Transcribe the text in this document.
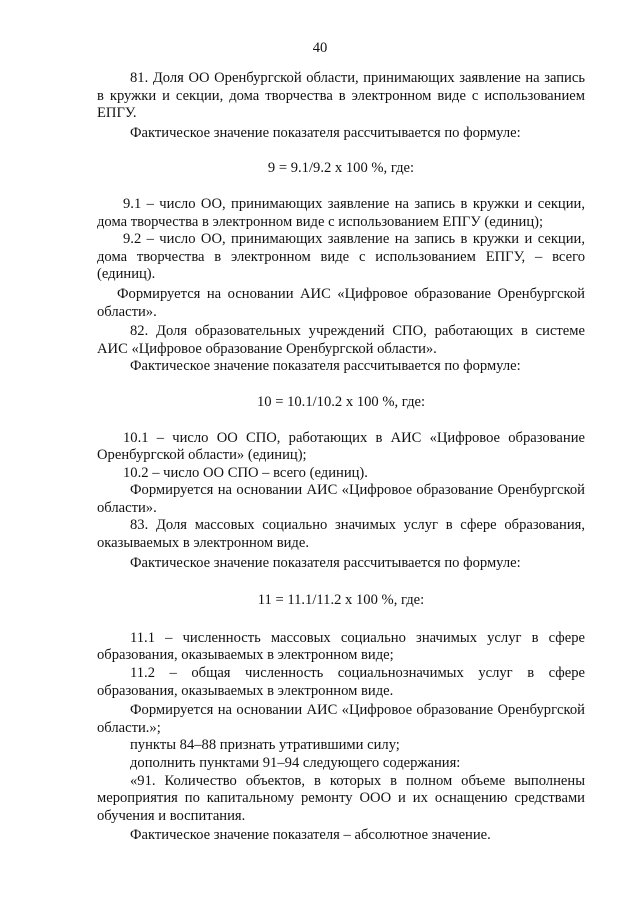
40

81. Доля ОО Оренбургской области, принимающих заявление на запись в кружки и секции, дома творчества в электронном виде с использованием ЕПГУ.

Фактическое значение показателя рассчитывается по формуле:

9 = 9.1/9.2 х 100 %, где:

9.1 – число ОО, принимающих заявление на запись в кружки и секции, дома творчества в электронном виде с использованием ЕПГУ (единиц);

9.2 – число ОО, принимающих заявление на запись в кружки и секции, дома творчества в электронном виде с использованием ЕПГУ, – всего (единиц).

Формируется на основании АИС «Цифровое образование Оренбургской области».

82. Доля образовательных учреждений СПО, работающих в системе АИС «Цифровое образование Оренбургской области».

Фактическое значение показателя рассчитывается по формуле:

10 = 10.1/10.2 х 100 %, где:

10.1 – число ОО СПО, работающих в АИС «Цифровое образование Оренбургской области» (единиц);

10.2 – число ОО СПО – всего (единиц).

Формируется на основании АИС «Цифровое образование Оренбургской области».

83. Доля массовых социально значимых услуг в сфере образования, оказываемых в электронном виде.

Фактическое значение показателя рассчитывается по формуле:

11 = 11.1/11.2 х 100 %, где:

11.1 – численность массовых социально значимых услуг в сфере образования, оказываемых в электронном виде;

11.2 – общая численность социальнозначимых услуг в сфере образования, оказываемых в электронном виде.

Формируется на основании АИС «Цифровое образование Оренбургской области.»;

пункты 84–88 признать утратившими силу;

дополнить пунктами 91–94 следующего содержания:

«91. Количество объектов, в которых в полном объеме выполнены мероприятия по капитальному ремонту ООО и их оснащению средствами обучения и воспитания.

Фактическое значение показателя – абсолютное значение.
